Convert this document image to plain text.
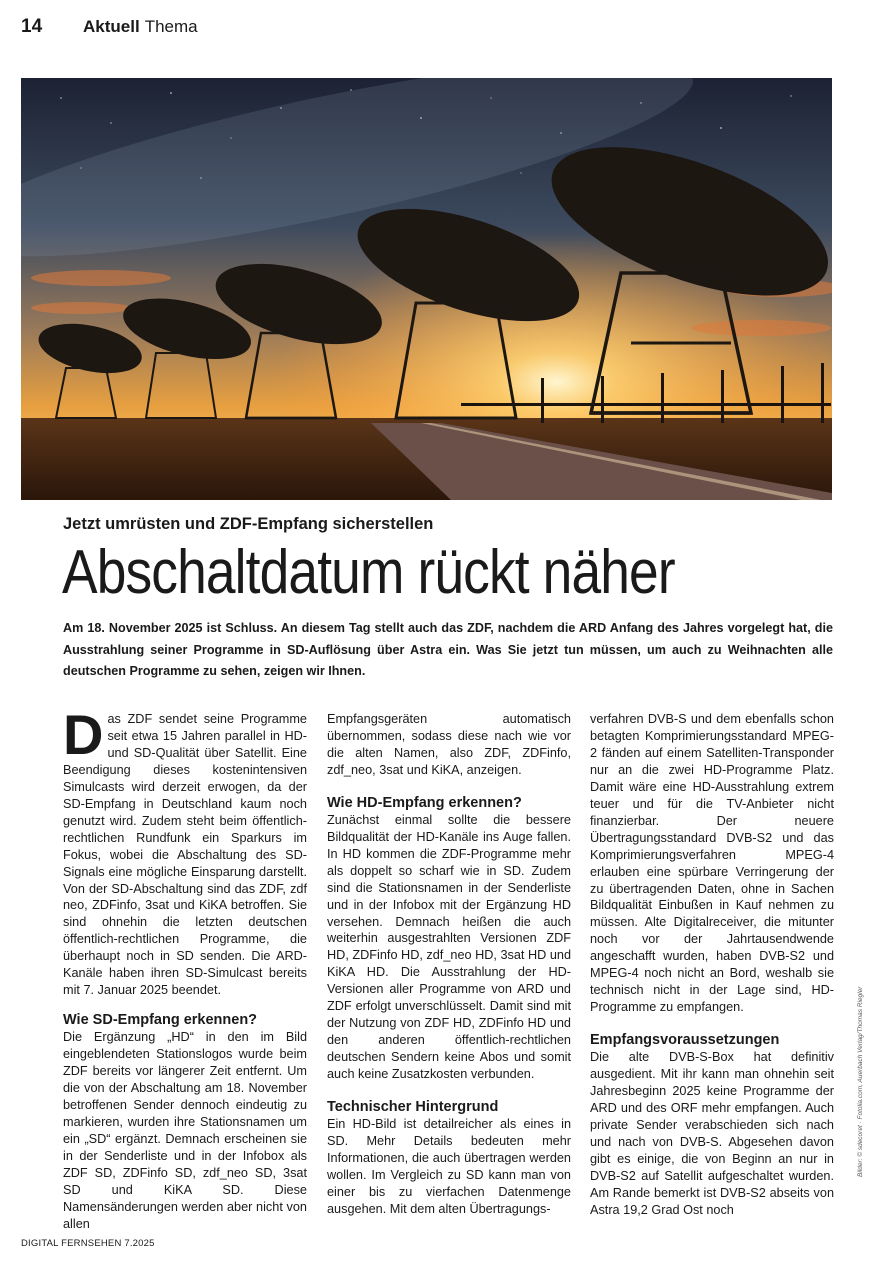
14	Aktuell Thema
Jetzt umrüsten und ZDF-Empfang sicherstellen
Abschaltdatum rückt näher
Am 18. November 2025 ist Schluss. An diesem Tag stellt auch das ZDF, nachdem die ARD Anfang des Jahres vorgelegt hat, die Ausstrahlung seiner Programme in SD-Auflösung über Astra ein. Was Sie jetzt tun müssen, um auch zu Weihnachten alle deutschen Programme zu sehen, zeigen wir Ihnen.

Das ZDF sendet seine Programme seit etwa 15 Jahren parallel in HD- und SD-Qualität über Satellit. Eine Beendigung dieses kostenintensiven Simulcasts wird derzeit erwogen, da der SD-Empfang in Deutschland kaum noch genutzt wird. Zudem steht beim öffentlich-rechtlichen Rundfunk ein Sparkurs im Fokus, wobei die Abschaltung des SD-Signals eine mögliche Einsparung darstellt. Von der SD-Abschaltung sind das ZDF, zdf neo, ZDFinfo, 3sat und KiKA betroffen. Sie sind ohnehin die letzten deutschen öffentlich-rechtlichen Programme, die überhaupt noch in SD senden. Die ARD-Kanäle haben ihren SD-Simulcast bereits mit 7. Januar 2025 beendet.

Wie SD-Empfang erkennen?

Die Ergänzung „HD“ in den im Bild eingeblendeten Stationslogos wurde beim ZDF bereits vor längerer Zeit entfernt. Um die von der Abschaltung am 18. November betroffenen Sender dennoch eindeutig zu markieren, wurden ihre Stationsnamen um ein „SD“ ergänzt. Demnach erscheinen sie in der Senderliste und in der Infobox als ZDF SD, ZDFinfo SD, zdf_neo SD, 3sat SD und KiKA SD. Diese Namensänderungen werden aber nicht von allen

Empfangsgeräten automatisch übernommen, sodass diese nach wie vor die alten Namen, also ZDF, ZDFinfo, zdf_neo, 3sat und KiKA, anzeigen.

Wie HD-Empfang erkennen?

Zunächst einmal sollte die bessere Bildqualität der HD-Kanäle ins Auge fallen. In HD kommen die ZDF-Programme mehr als doppelt so scharf wie in SD. Zudem sind die Stationsnamen in der Senderliste und in der Infobox mit der Ergänzung HD versehen. Demnach heißen die auch weiterhin ausgestrahlten Versionen ZDF HD, ZDFinfo HD, zdf_neo HD, 3sat HD und KiKA HD. Die Ausstrahlung der HD-Versionen aller Programme von ARD und ZDF erfolgt unverschlüsselt. Damit sind mit der Nutzung von ZDF HD, ZDFinfo HD und den anderen öffentlich-rechtlichen deutschen Sendern keine Abos und somit auch keine Zusatzkosten verbunden.

Technischer Hintergrund

Ein HD-Bild ist detailreicher als eines in SD. Mehr Details bedeuten mehr Informationen, die auch übertragen werden wollen. Im Vergleich zu SD kann man von einer bis zu vierfachen Datenmenge ausgehen. Mit dem alten Übertragungs-

verfahren DVB-S und dem ebenfalls schon betagten Komprimierungsstandard MPEG-2 fänden auf einem Satelliten-Transponder nur an die zwei HD-Programme Platz. Damit wäre eine HD-Ausstrahlung extrem teuer und für die TV-Anbieter nicht finanzierbar. Der neuere Übertragungsstandard DVB-S2 und das Komprimierungsverfahren MPEG-4 erlauben eine spürbare Verringerung der zu übertragenden Daten, ohne in Sachen Bildqualität Einbußen in Kauf nehmen zu müssen. Alte Digitalreceiver, die mitunter noch vor der Jahrtausendwende angeschafft wurden, haben DVB-S2 und MPEG-4 noch nicht an Bord, weshalb sie technisch nicht in der Lage sind, HD-Programme zu empfangen.

Empfangsvoraussetzungen

Die alte DVB-S-Box hat definitiv ausgedient. Mit ihr kann man ohnehin seit Jahresbeginn 2025 keine Programme der ARD und des ORF mehr empfangen. Auch private Sender verabschieden sich nach und nach von DVB-S. Abgesehen davon gibt es einige, die von Beginn an nur in DVB-S2 auf Satellit aufgeschaltet wurden. Am Rande bemerkt ist DVB-S2 abseits von Astra 19,2 Grad Ost noch

Bilder: © sdecoret · Fotolia.com, Auerbach Verlag/Thomas Riegler
DIGITAL FERNSEHEN 7.2025
